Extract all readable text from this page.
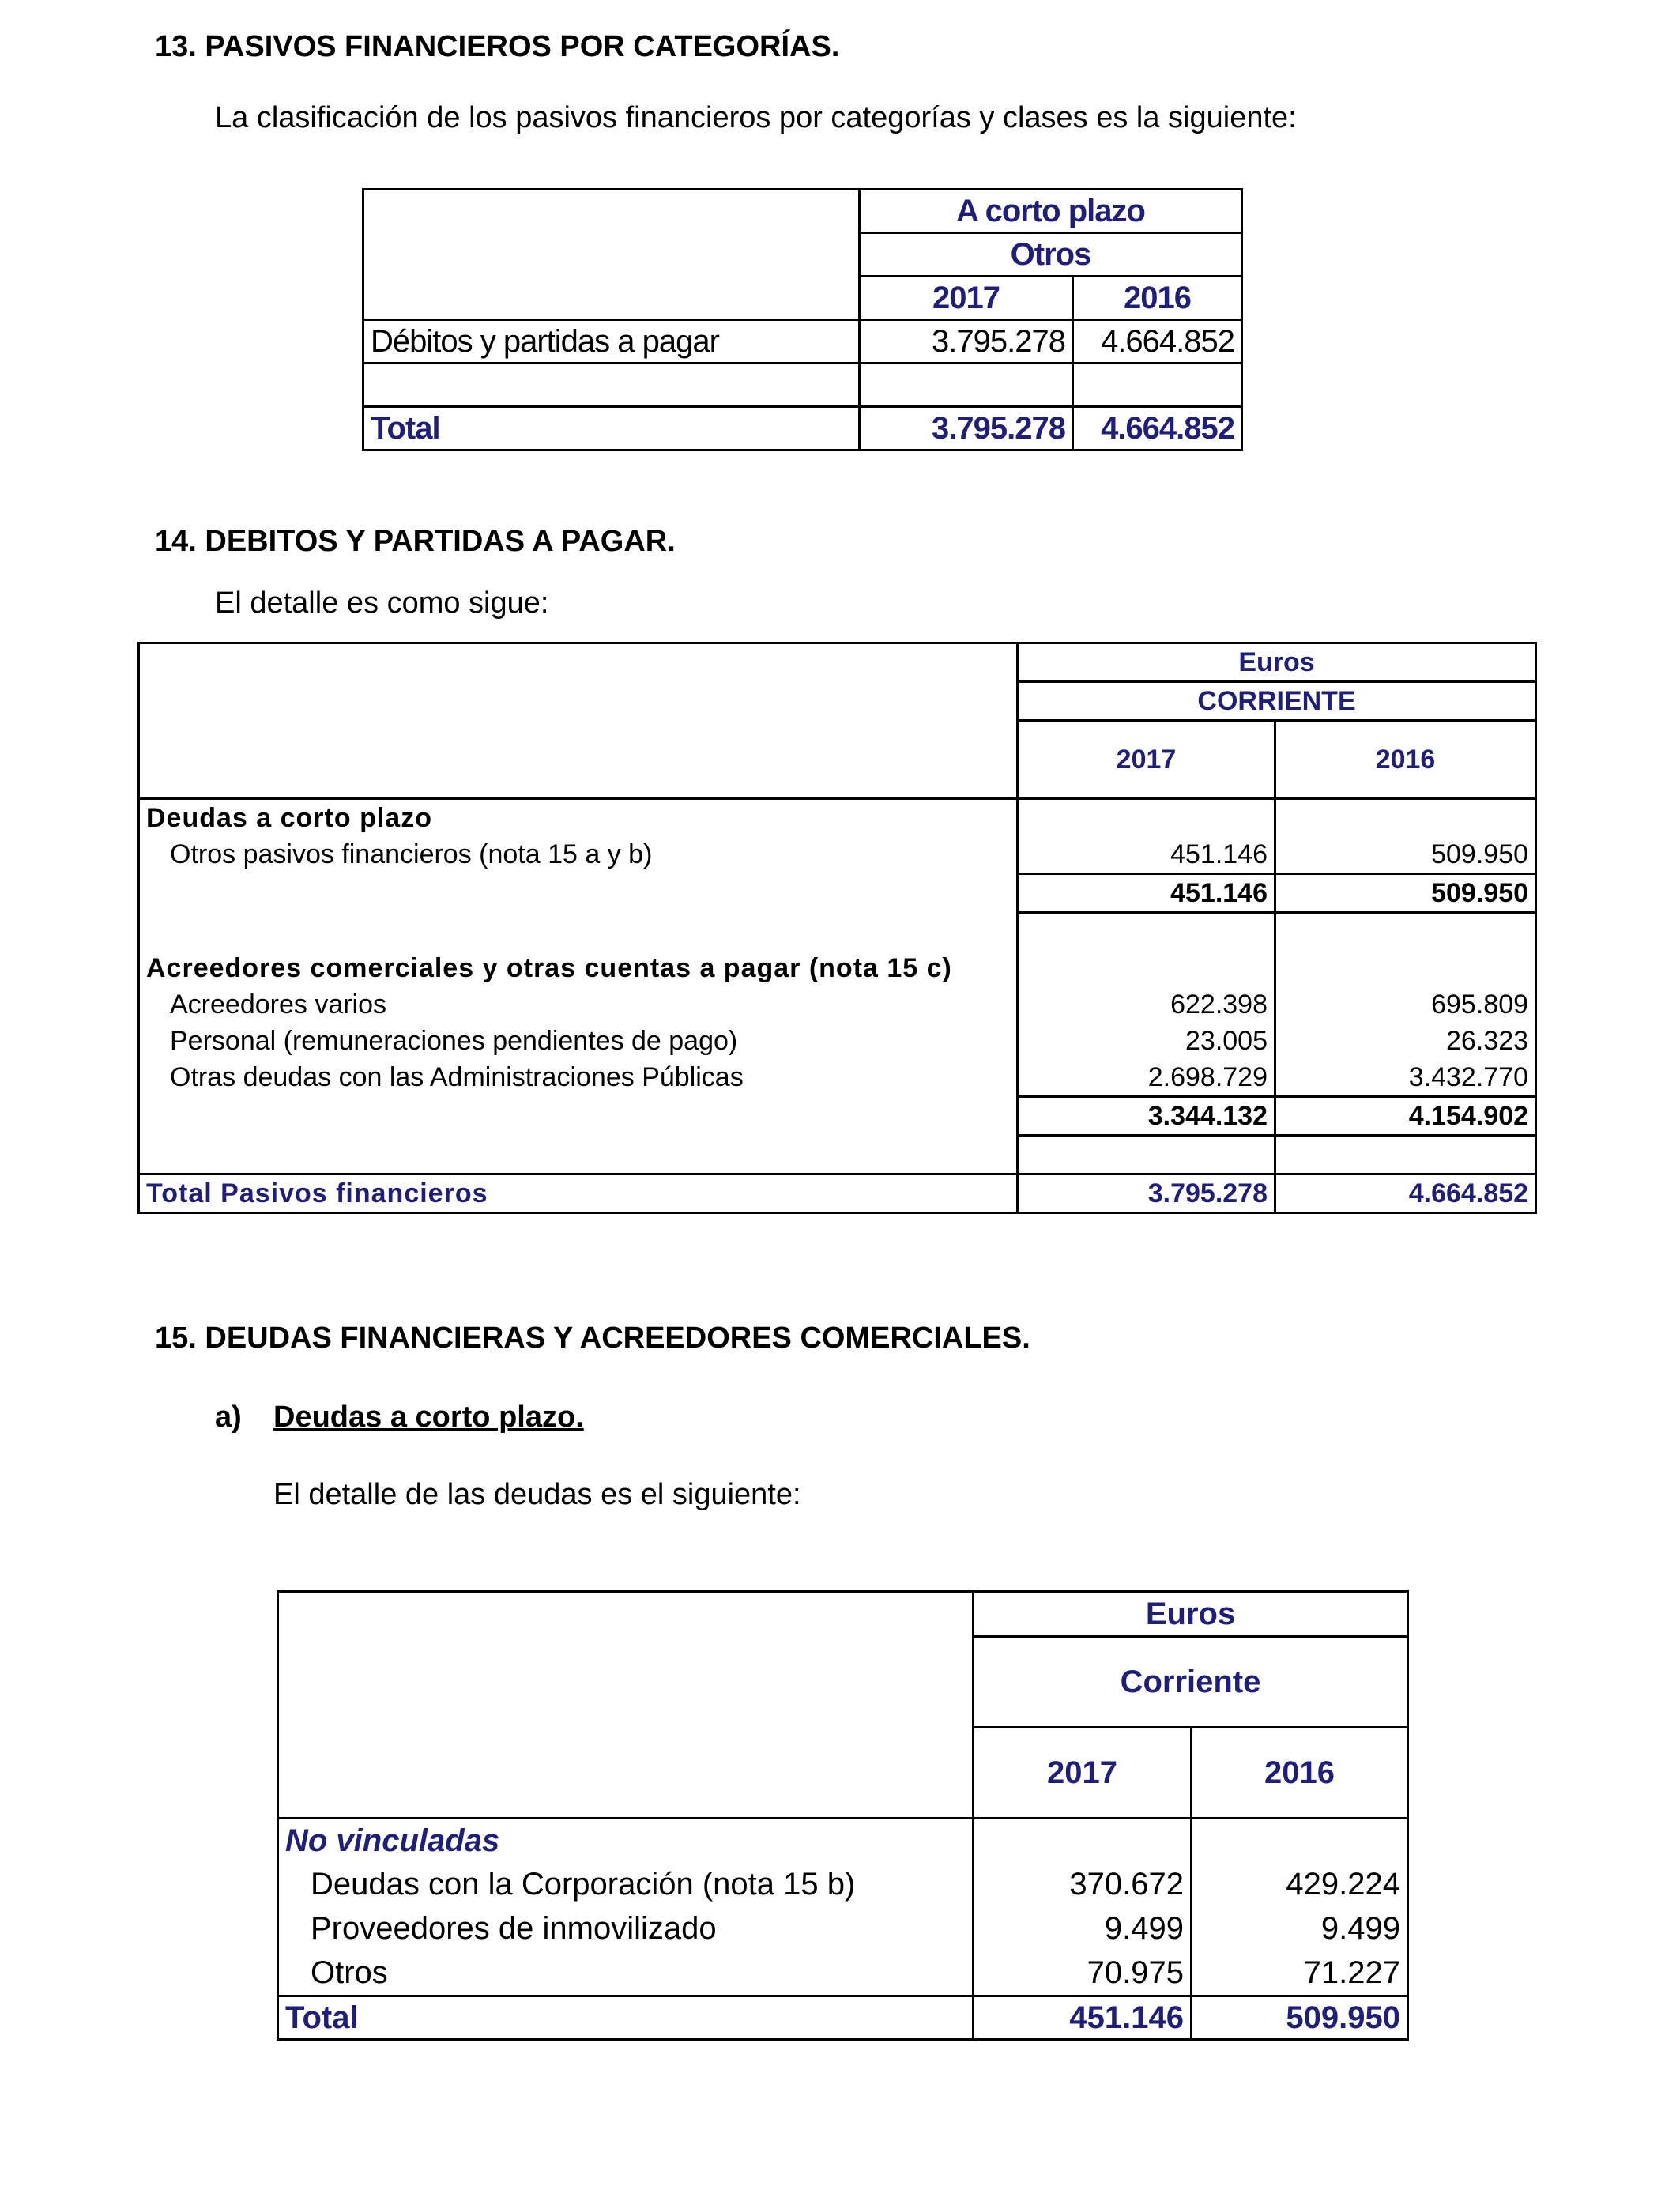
13. PASIVOS FINANCIEROS POR CATEGORÍAS.
La clasificación de los pasivos financieros por categorías y clases es la siguiente:
	A corto plazo	
	Otros	
	2017	2016
Débitos y partidas a pagar	3.795.278	4.664.852

Total	3.795.278	4.664.852
14. DEBITOS Y PARTIDAS A PAGAR.
El detalle es como sigue:
	Euros	
	CORRIENTE	
	2017	2016
Deudas a corto plazo		
Otros pasivos financieros (nota 15 a y b)	451.146	509.950
	451.146	509.950

Acreedores comerciales y otras cuentas a pagar (nota 15 c)		
Acreedores varios	622.398	695.809
Personal (remuneraciones pendientes de pago)	23.005	26.323
Otras deudas con las Administraciones Públicas	2.698.729	3.432.770
	3.344.132	4.154.902

Total Pasivos financieros	3.795.278	4.664.852
15. DEUDAS FINANCIERAS Y ACREEDORES COMERCIALES.
a) Deudas a corto plazo.
El detalle de las deudas es el siguiente:
	Euros	
	Corriente	
	2017	2016
No vinculadas		
Deudas con la Corporación (nota 15 b)	370.672	429.224
Proveedores de inmovilizado	9.499	9.499
Otros	70.975	71.227
Total	451.146	509.950
